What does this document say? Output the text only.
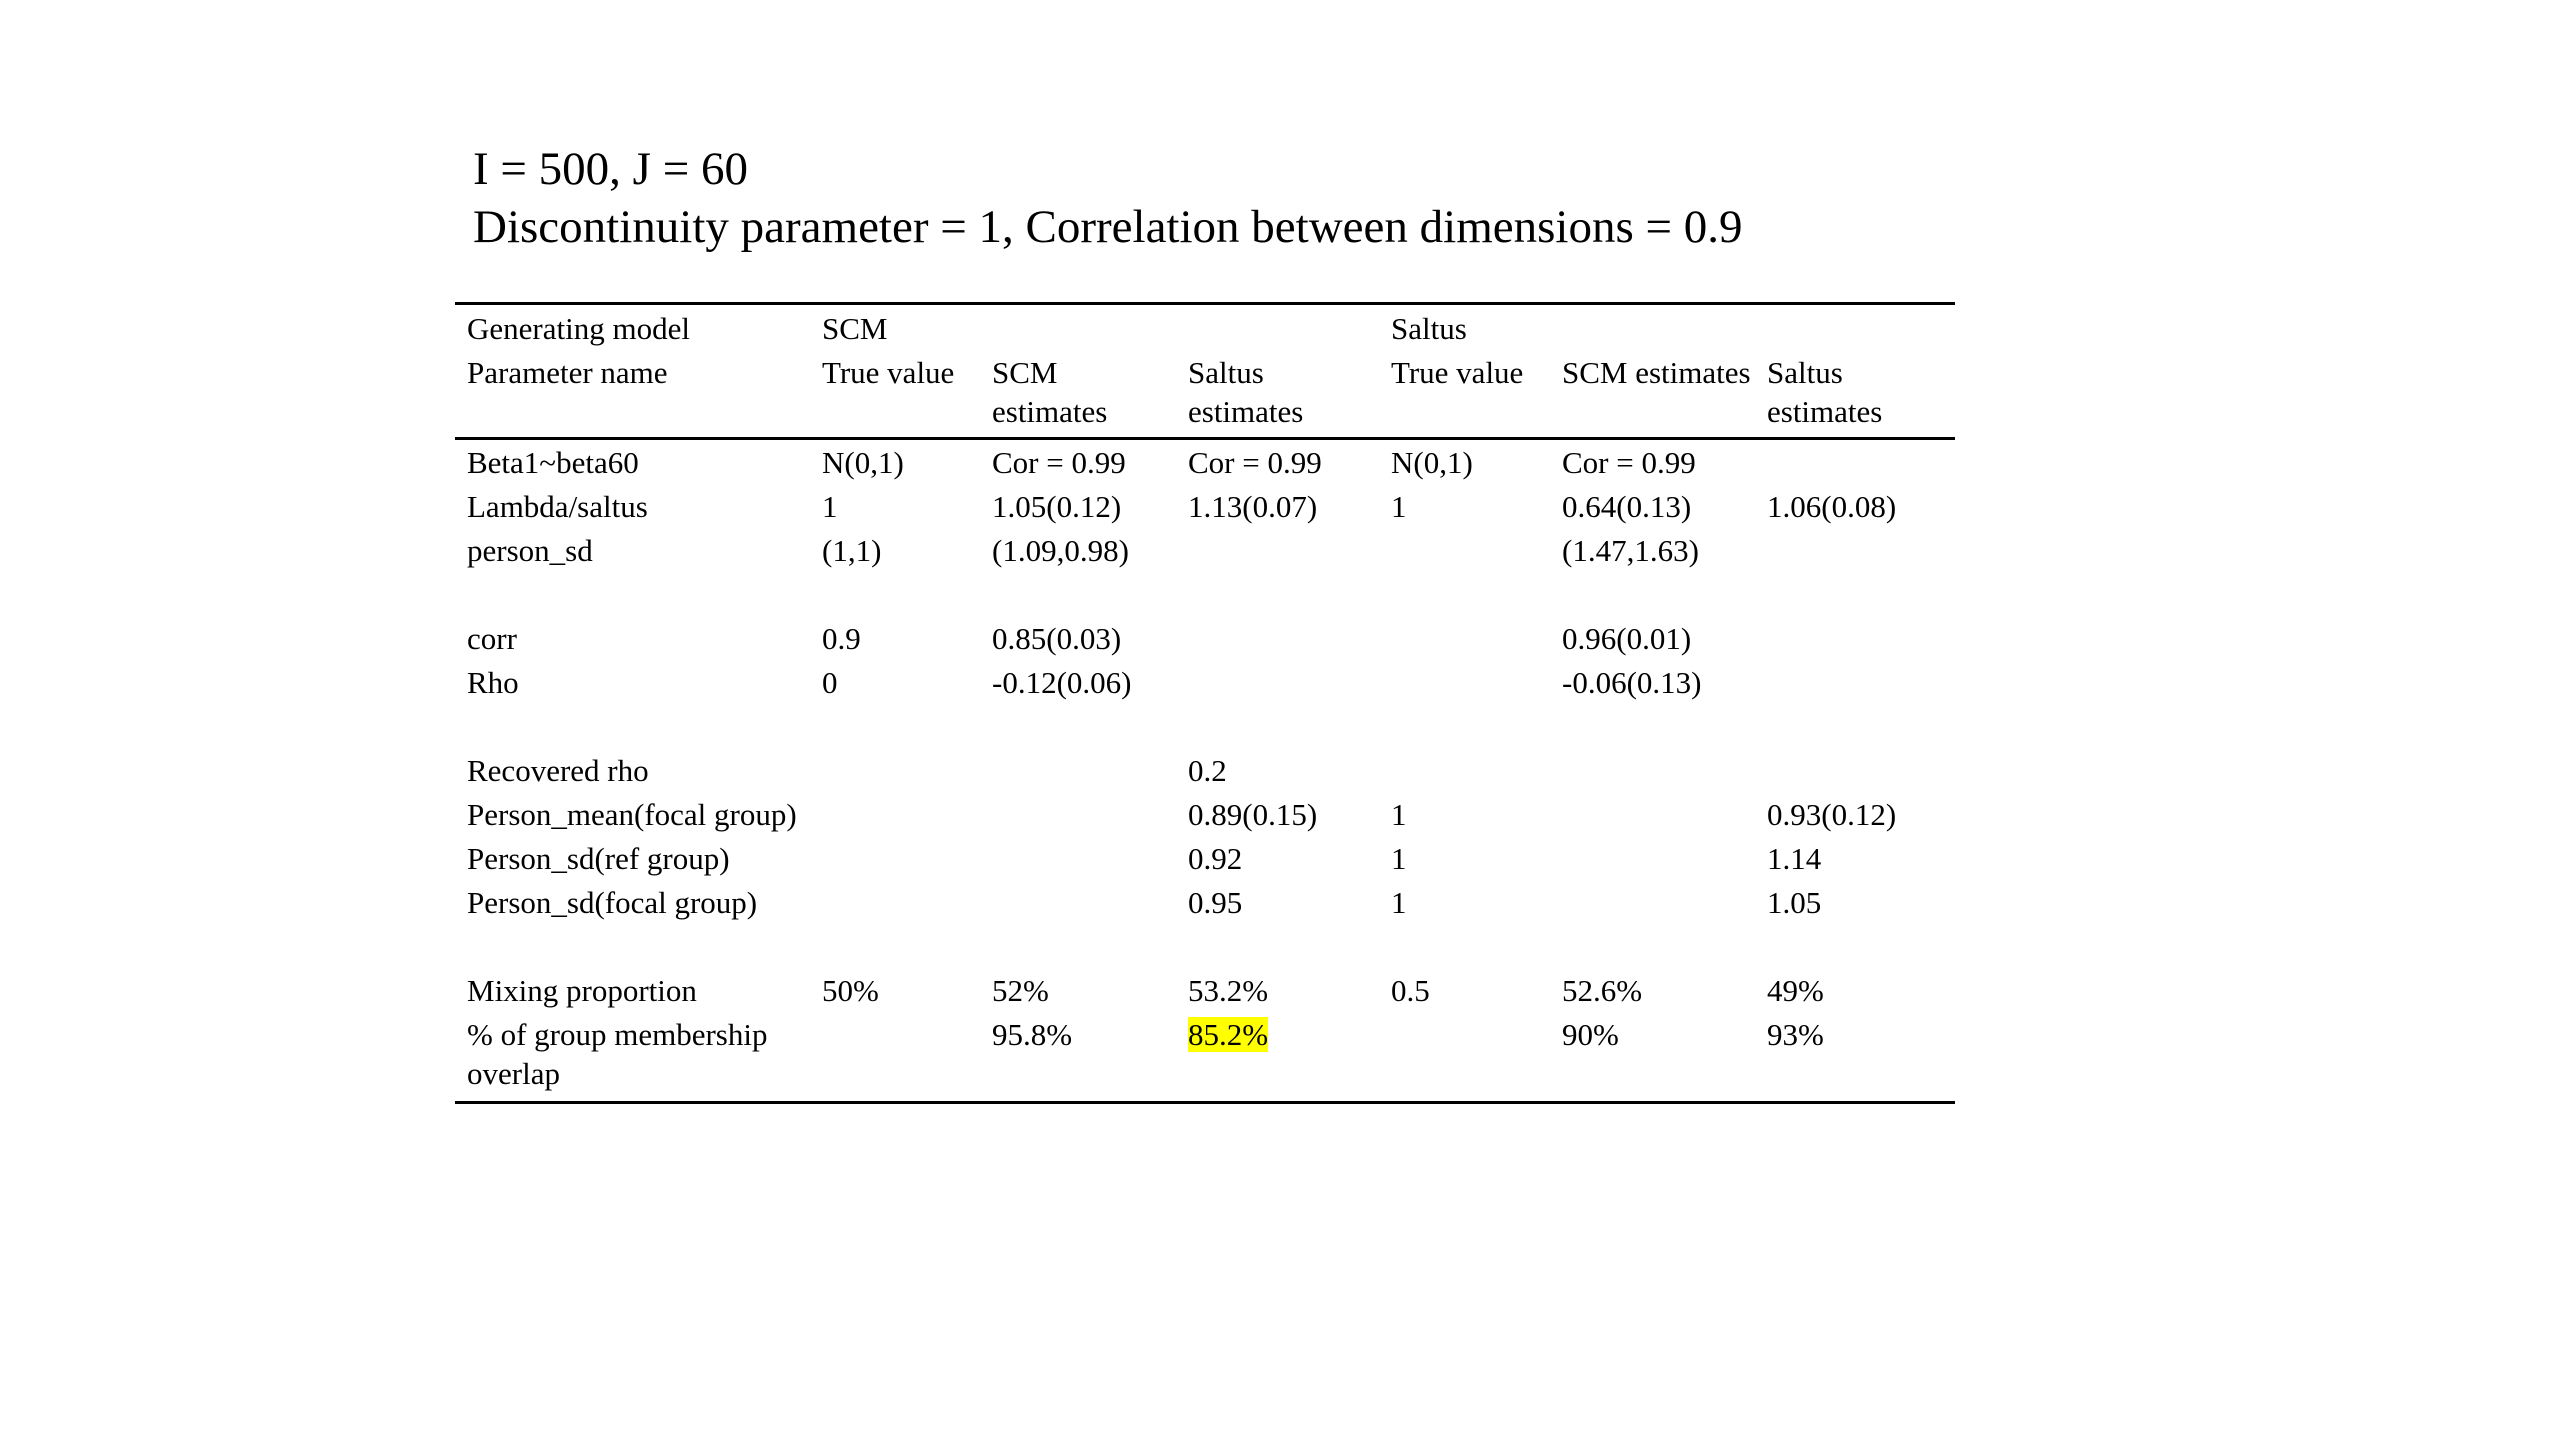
I = 500, J = 60
Discontinuity parameter = 1, Correlation between dimensions = 0.9
Generating model	SCM			Saltus		
Parameter name	True value	SCM estimates	Saltus estimates	True value	SCM estimates	Saltus estimates
Beta1~beta60	N(0,1)	Cor = 0.99	Cor = 0.99	N(0,1)	Cor = 0.99	
Lambda/saltus	1	1.05(0.12)	1.13(0.07)	1	0.64(0.13)	1.06(0.08)
person_sd	(1,1)	(1.09,0.98)			(1.47,1.63)	

corr	0.9	0.85(0.03)			0.96(0.01)	
Rho	0	-0.12(0.06)			-0.06(0.13)	

Recovered rho			0.2			
Person_mean(focal group)			0.89(0.15)	1		0.93(0.12)
Person_sd(ref group)			0.92	1		1.14
Person_sd(focal group)			0.95	1		1.05

Mixing proportion	50%	52%	53.2%	0.5	52.6%	49%
% of group membership overlap		95.8%	85.2%		90%	93%
